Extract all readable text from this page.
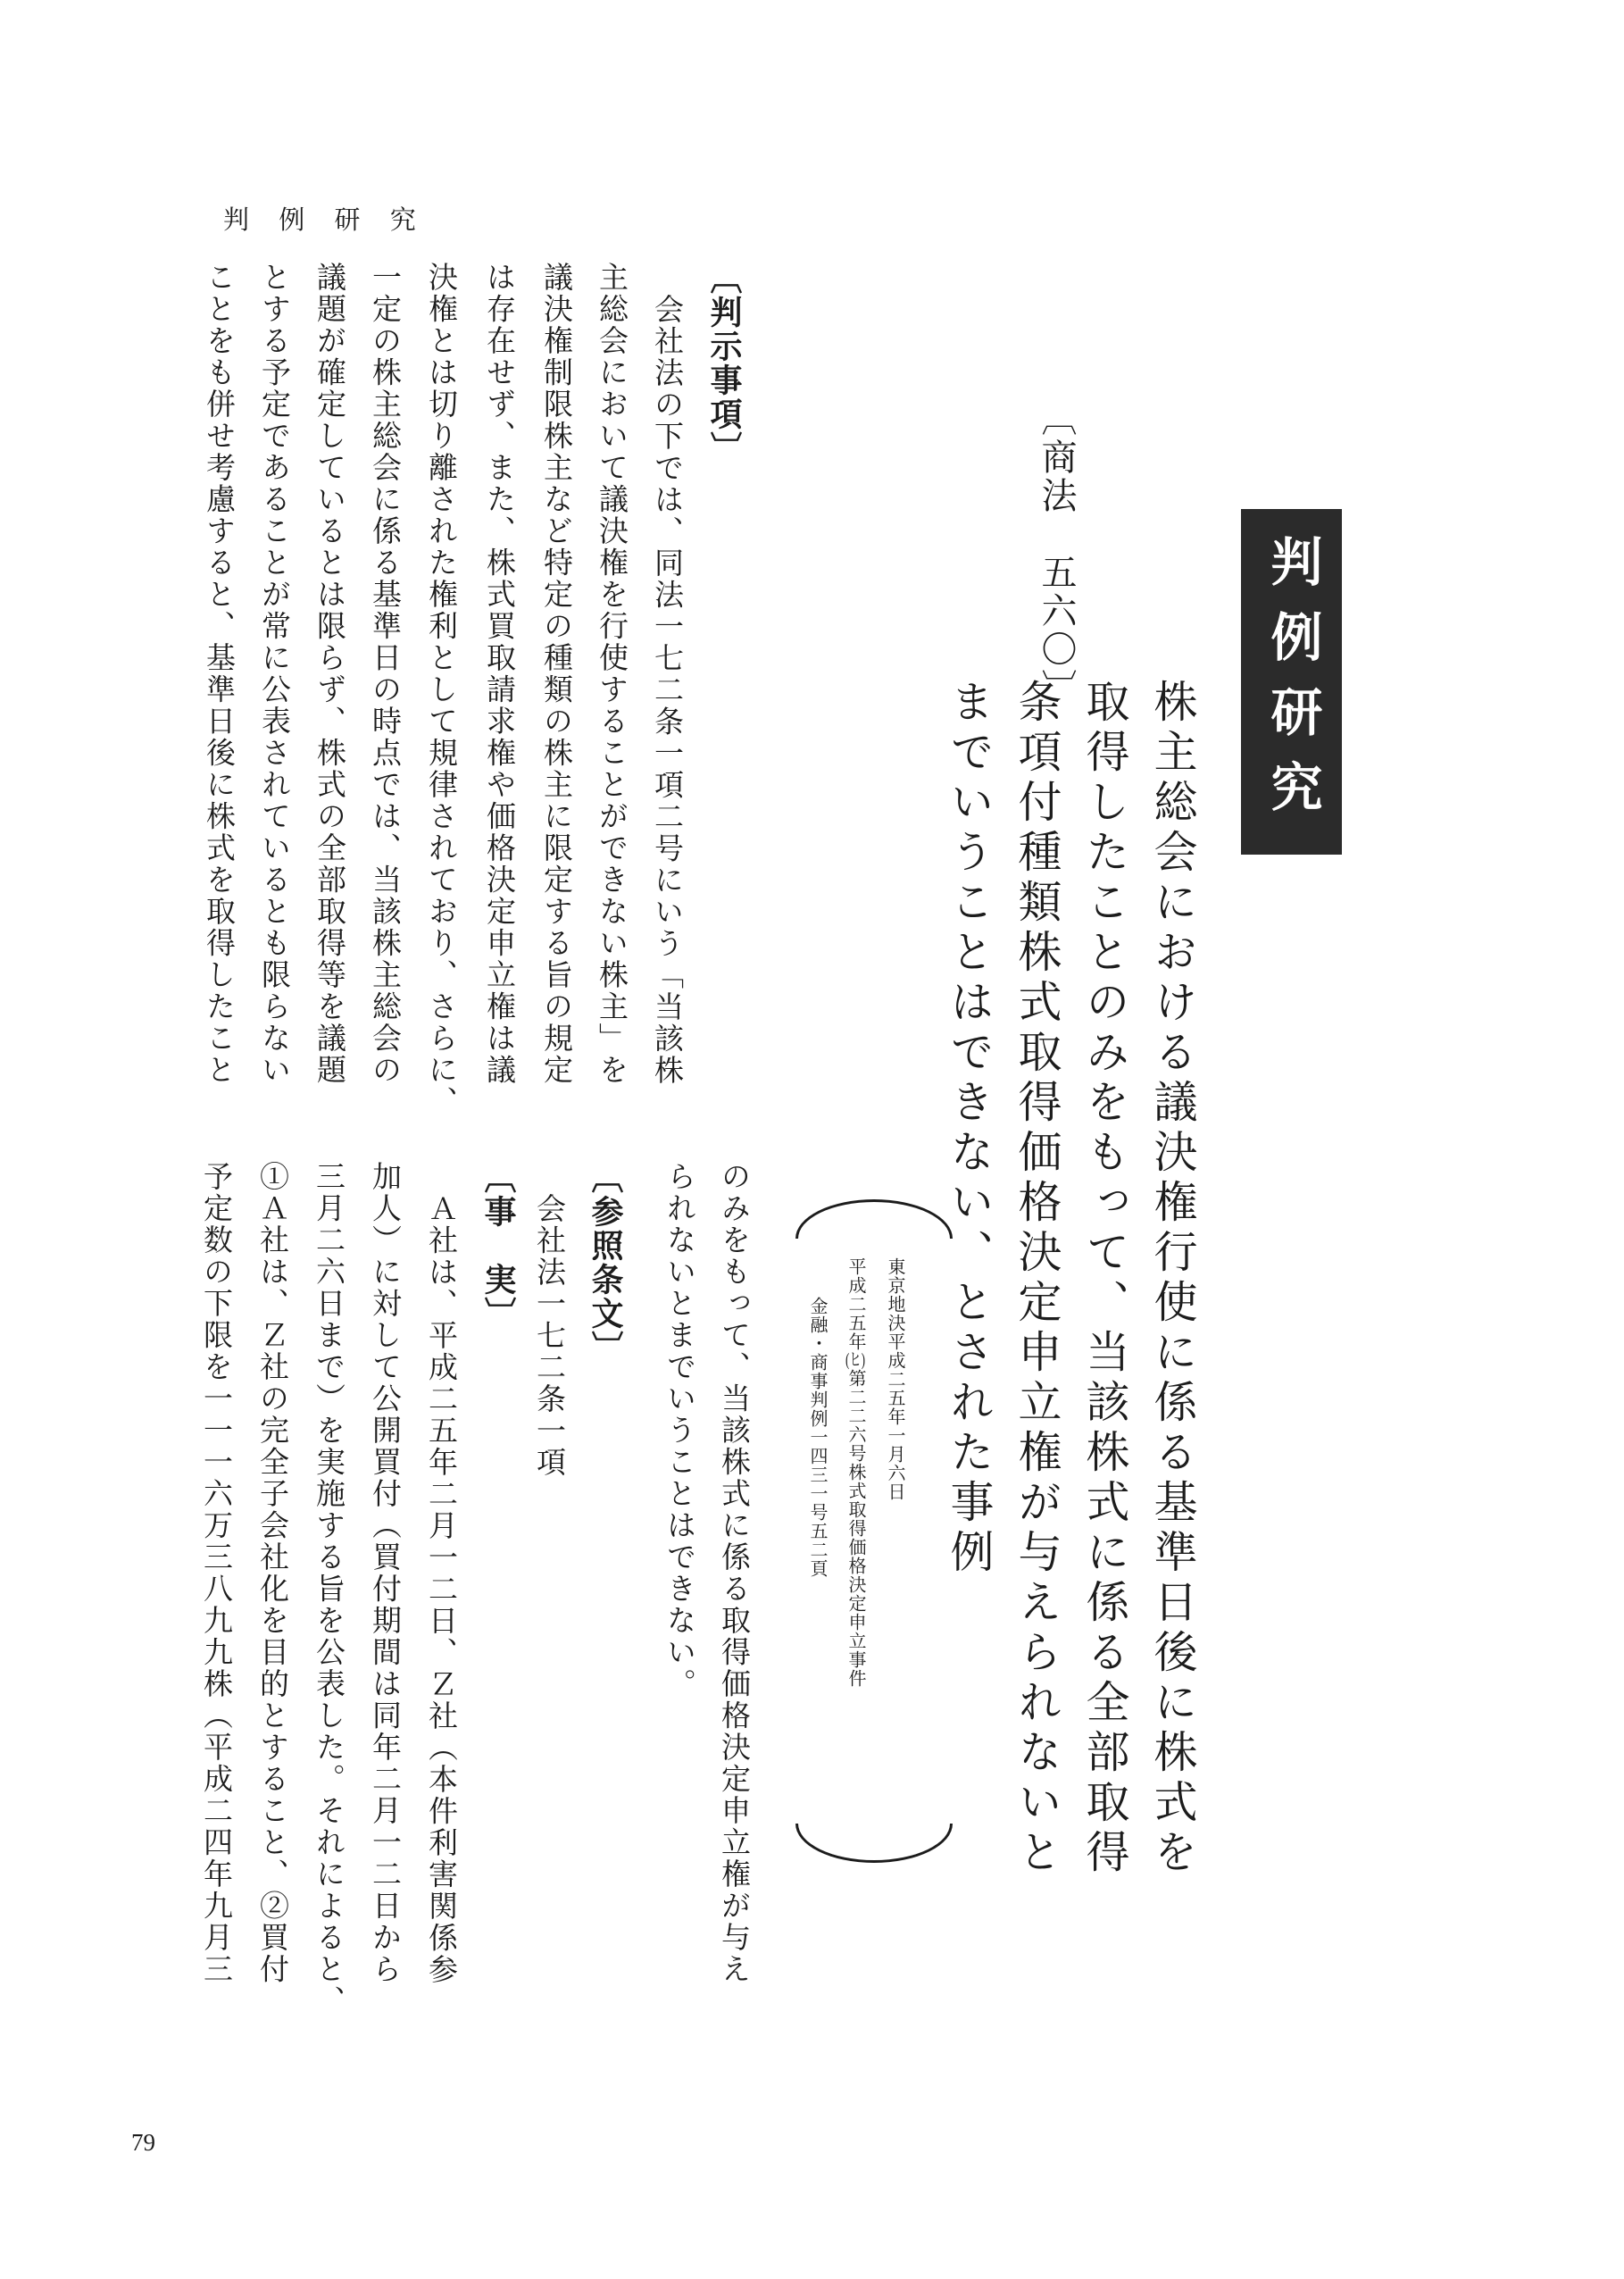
判 例 研 究
判例研究
〔商法　五六〇〕
株主総会における議決権行使に係る基準日後に株式を
取得したことのみをもって、当該株式に係る全部取得
条項付種類株式取得価格決定申立権が与えられないと
までいうことはできない、とされた事例
東京地決平成二五年一月六日
平成二五年(ヒ)第二二六号株式取得価格決定申立事件
金融・商事判例一四三一号五二頁
〔判示事項〕
会社法の下では、同法一七二条一項二号にいう「当該株
主総会において議決権を行使することができない株主」を
議決権制限株主など特定の種類の株主に限定する旨の規定
は存在せず、また、株式買取請求権や価格決定申立権は議
決権とは切り離された権利として規律されており、さらに、
一定の株主総会に係る基準日の時点では、当該株主総会の
議題が確定しているとは限らず、株式の全部取得等を議題
とする予定であることが常に公表されているとも限らない
ことをも併せ考慮すると、基準日後に株式を取得したこと
のみをもって、当該株式に係る取得価格決定申立権が与え
られないとまでいうことはできない。
〔参照条文〕
会社法一七二条一項
〔事　実〕
Ａ社は、平成二五年二月一二日、Ｚ社（本件利害関係参
加人）に対して公開買付（買付期間は同年二月一二日から
三月二六日まで）を実施する旨を公表した。それによると、
①Ａ社は、Ｚ社の完全子会社化を目的とすること、②買付
予定数の下限を一一一六万三八九九株（平成二四年九月三
79
